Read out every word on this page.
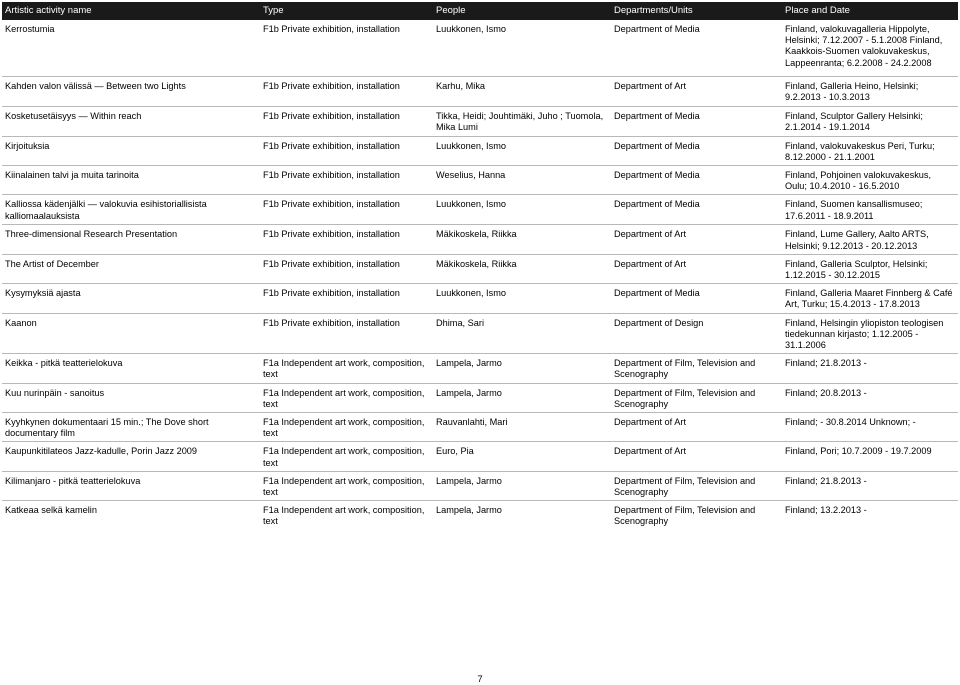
Artistic activity name	Type	People	Departments/Units	Place and Date
Kerrostumia	F1b Private exhibition, installation	Luukkonen, Ismo	Department of Media	Finland, valokuvagalleria Hippolyte, Helsinki; 7.12.2007 - 5.1.2008 Finland, Kaakkois-Suomen valokuvakeskus, Lappeenranta; 6.2.2008 - 24.2.2008
Kahden valon välissä — Between two Lights	F1b Private exhibition, installation	Karhu, Mika	Department of Art	Finland, Galleria Heino, Helsinki; 9.2.2013 - 10.3.2013
Kosketusetäisyys — Within reach	F1b Private exhibition, installation	Tikka, Heidi; Jouhtimäki, Juho ; Tuomola, Mika Lumi	Department of Media	Finland, Sculptor Gallery Helsinki; 2.1.2014 - 19.1.2014
Kirjoituksia	F1b Private exhibition, installation	Luukkonen, Ismo	Department of Media	Finland, valokuvakeskus Peri, Turku; 8.12.2000 - 21.1.2001
Kiinalainen talvi ja muita tarinoita	F1b Private exhibition, installation	Weselius, Hanna	Department of Media	Finland, Pohjoinen valokuvakeskus, Oulu; 10.4.2010 - 16.5.2010
Kalliossa kädenjälki — valokuvia esihistoriallisista kalliomaalauksista	F1b Private exhibition, installation	Luukkonen, Ismo	Department of Media	Finland, Suomen kansallismuseo; 17.6.2011 - 18.9.2011
Three-dimensional Research Presentation	F1b Private exhibition, installation	Mäkikoskela, Riikka	Department of Art	Finland, Lume Gallery, Aalto ARTS, Helsinki; 9.12.2013 - 20.12.2013
The Artist of December	F1b Private exhibition, installation	Mäkikoskela, Riikka	Department of Art	Finland, Galleria Sculptor, Helsinki; 1.12.2015 - 30.12.2015
Kysymyksiä ajasta	F1b Private exhibition, installation	Luukkonen, Ismo	Department of Media	Finland, Galleria Maaret Finnberg & Café Art, Turku; 15.4.2013 - 17.8.2013
Kaanon	F1b Private exhibition, installation	Dhima, Sari	Department of Design	Finland, Helsingin yliopiston teologisen tiedekunnan kirjasto; 1.12.2005 - 31.1.2006
Keikka - pitkä teatterielokuva	F1a Independent art work, composition, text	Lampela, Jarmo	Department of Film, Television and Scenography	Finland; 21.8.2013 -
Kuu nurinpäin - sanoitus	F1a Independent art work, composition, text	Lampela, Jarmo	Department of Film, Television and Scenography	Finland; 20.8.2013 -
Kyyhkynen dokumentaari 15 min.; The Dove short documentary film	F1a Independent art work, composition, text	Rauvanlahti, Mari	Department of Art	Finland; - 30.8.2014 Unknown; -
Kaupunkitilateos Jazz-kadulle, Porin Jazz 2009	F1a Independent art work, composition, text	Euro, Pia	Department of Art	Finland, Pori; 10.7.2009 - 19.7.2009
Kilimanjaro - pitkä teatterielokuva	F1a Independent art work, composition, text	Lampela, Jarmo	Department of Film, Television and Scenography	Finland; 21.8.2013 -
Katkeaa selkä kamelin	F1a Independent art work, composition, text	Lampela, Jarmo	Department of Film, Television and Scenography	Finland; 13.2.2013 -
7
